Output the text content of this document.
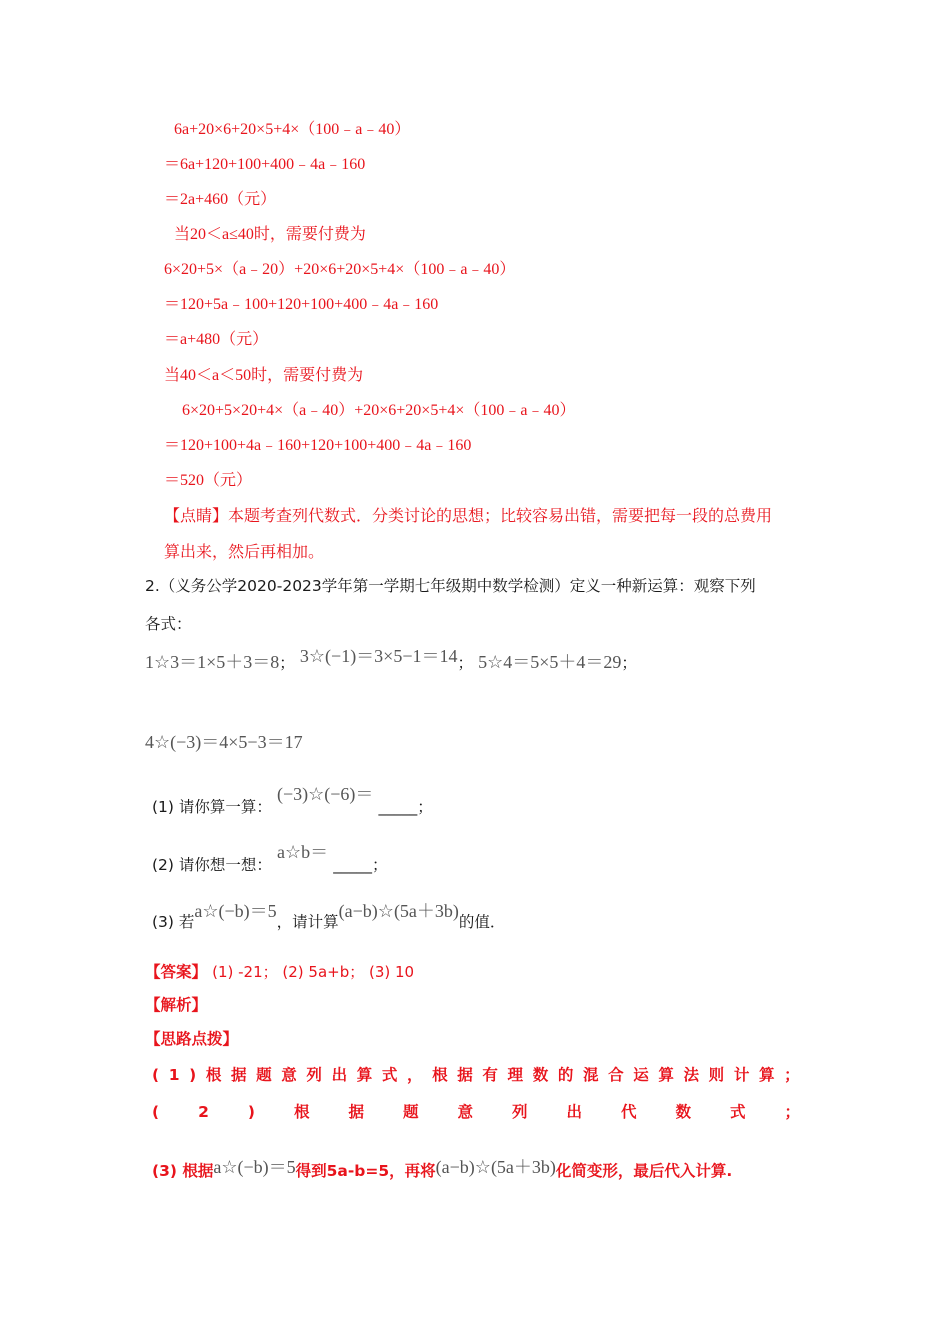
6a+20×6+20×5+4×（100﹣a﹣40）
＝6a+120+100+400﹣4a﹣160
＝2a+460（元）
当20＜a≤40时，需要付费为
6×20+5×（a﹣20）+20×6+20×5+4×（100﹣a﹣40）
＝120+5a﹣100+120+100+400﹣4a﹣160
＝a+480（元）
当40＜a＜50时，需要付费为
6×20+5×20+4×（a﹣40）+20×6+20×5+4×（100﹣a﹣40）
＝120+100+4a﹣160+120+100+400﹣4a﹣160
＝520（元）
【点睛】本题考查列代数式．分类讨论的思想；比较容易出错，需要把每一段的总费用
算出来，然后再相加。
2.（义务公学2020-2023学年第一学期七年级期中数学检测）定义一种新运算：观察下列
各式：
1☆3＝1×5＋3＝8； 3☆(−1)＝3×5−1＝14； 5☆4＝5×5＋4＝29；
4☆(−3)＝4×5−3＝17
(1) 请你算一算： (−3)☆(−6)＝ _____；
(2) 请你想一想： a☆b＝ _____；
(3) 若a☆(−b)＝5，请计算(a−b)☆(5a＋3b)的值．
【答案】 (1) -21； (2) 5a+b； (3) 10
【解析】
【思路点拨】
( 1 ) 根 据 题 意 列 出 算 式 ， 根 据 有 理 数 的 混 合 运 算 法 则 计 算 ；
(	2	)	根	据	题	意	列	出	代	数	式	；
(3) 根据a☆(−b)＝5得到5a-b=5，再将(a−b)☆(5a＋3b)化简变形，最后代入计算.
